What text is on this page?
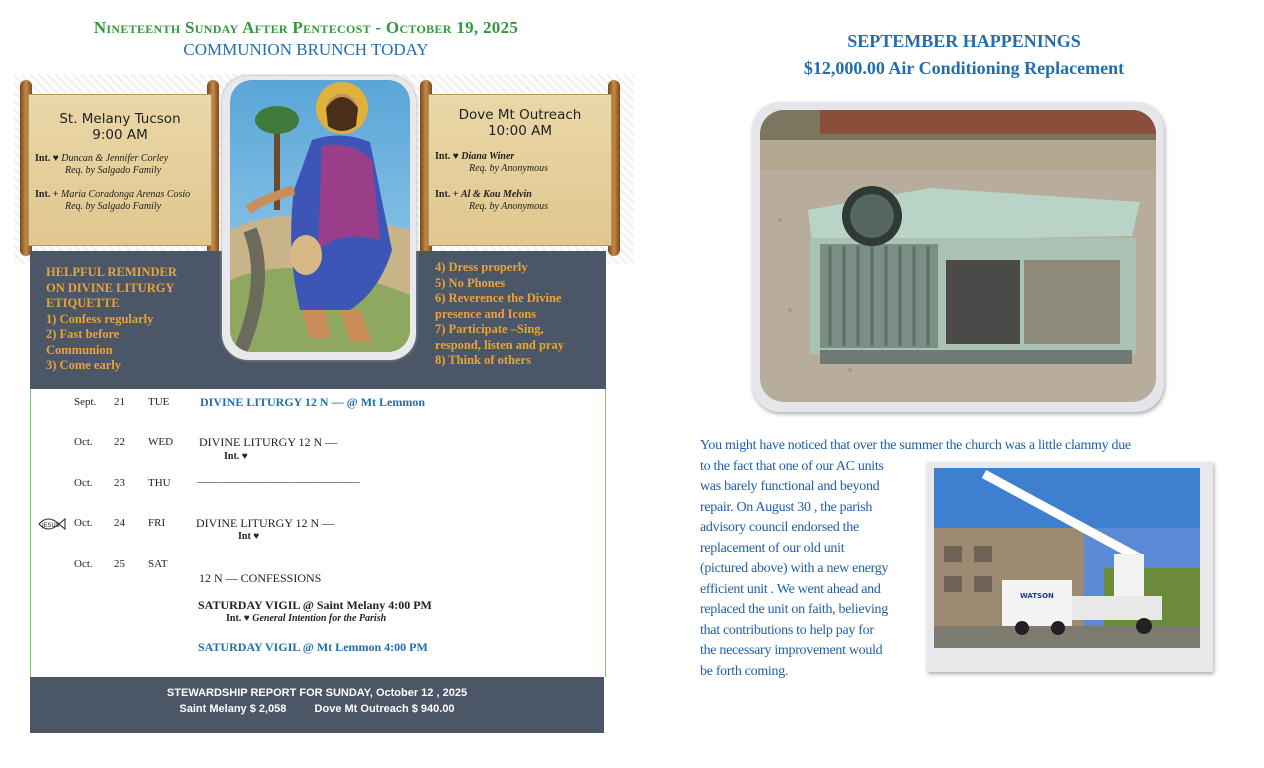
Nineteenth Sunday After Pentecost - October 19, 2025
COMMUNION BRUNCH TODAY
St. Melany Tucson
9:00 AM
Int. ♥ Duncan & Jennifer Corley
Req. by Salgado Family
Int. + Maria Coradonga Arenas Cosio
Req. by Salgado Family
Dove Mt Outreach
10:00 AM
Int. ♥ Diana Winer
Req. by Anonymous
Int. + Al & Kou Melvin
Req. by Anonymous
HELPFUL REMINDER
ON DIVINE LITURGY
ETIQUETTE
1) Confess regularly
2) Fast before
Communion
3) Come early
4) Dress properly
5) No Phones
6) Reverence the Divine
presence and Icons
7) Participate –Sing,
respond, listen and pray
8) Think of others
Sept. 21 TUE	DIVINE LITURGY 12 N — @ Mt Lemmon
Oct. 22 WED DIVINE LITURGY 12 N —
Int. ♥
Oct. 23 THU	——————————————————
JESUS Oct. 24 FRI	DIVINE LITURGY 12 N —
Int ♥
Oct. 25 SAT
12 N — CONFESSIONS
SATURDAY VIGIL @ Saint Melany 4:00 PM
Int. ♥ General Intention for the Parish
SATURDAY VIGIL @ Mt Lemmon 4:00 PM
STEWARDSHIP REPORT FOR SUNDAY, October 12 , 2025
Saint Melany $ 2,058	Dove Mt Outreach $ 940.00
SEPTEMBER HAPPENINGS
$12,000.00 Air Conditioning Replacement
You might have noticed that over the summer the church was a little clammy due
to the fact that one of our AC units
was barely functional and beyond
repair. On August 30 , the parish
advisory council endorsed the
replacement of our old unit
(pictured above) with a new energy
efficient unit . We went ahead and
replaced the unit on faith, believing
that contributions to help pay for
the necessary improvement would
be forth coming.
WATSON
